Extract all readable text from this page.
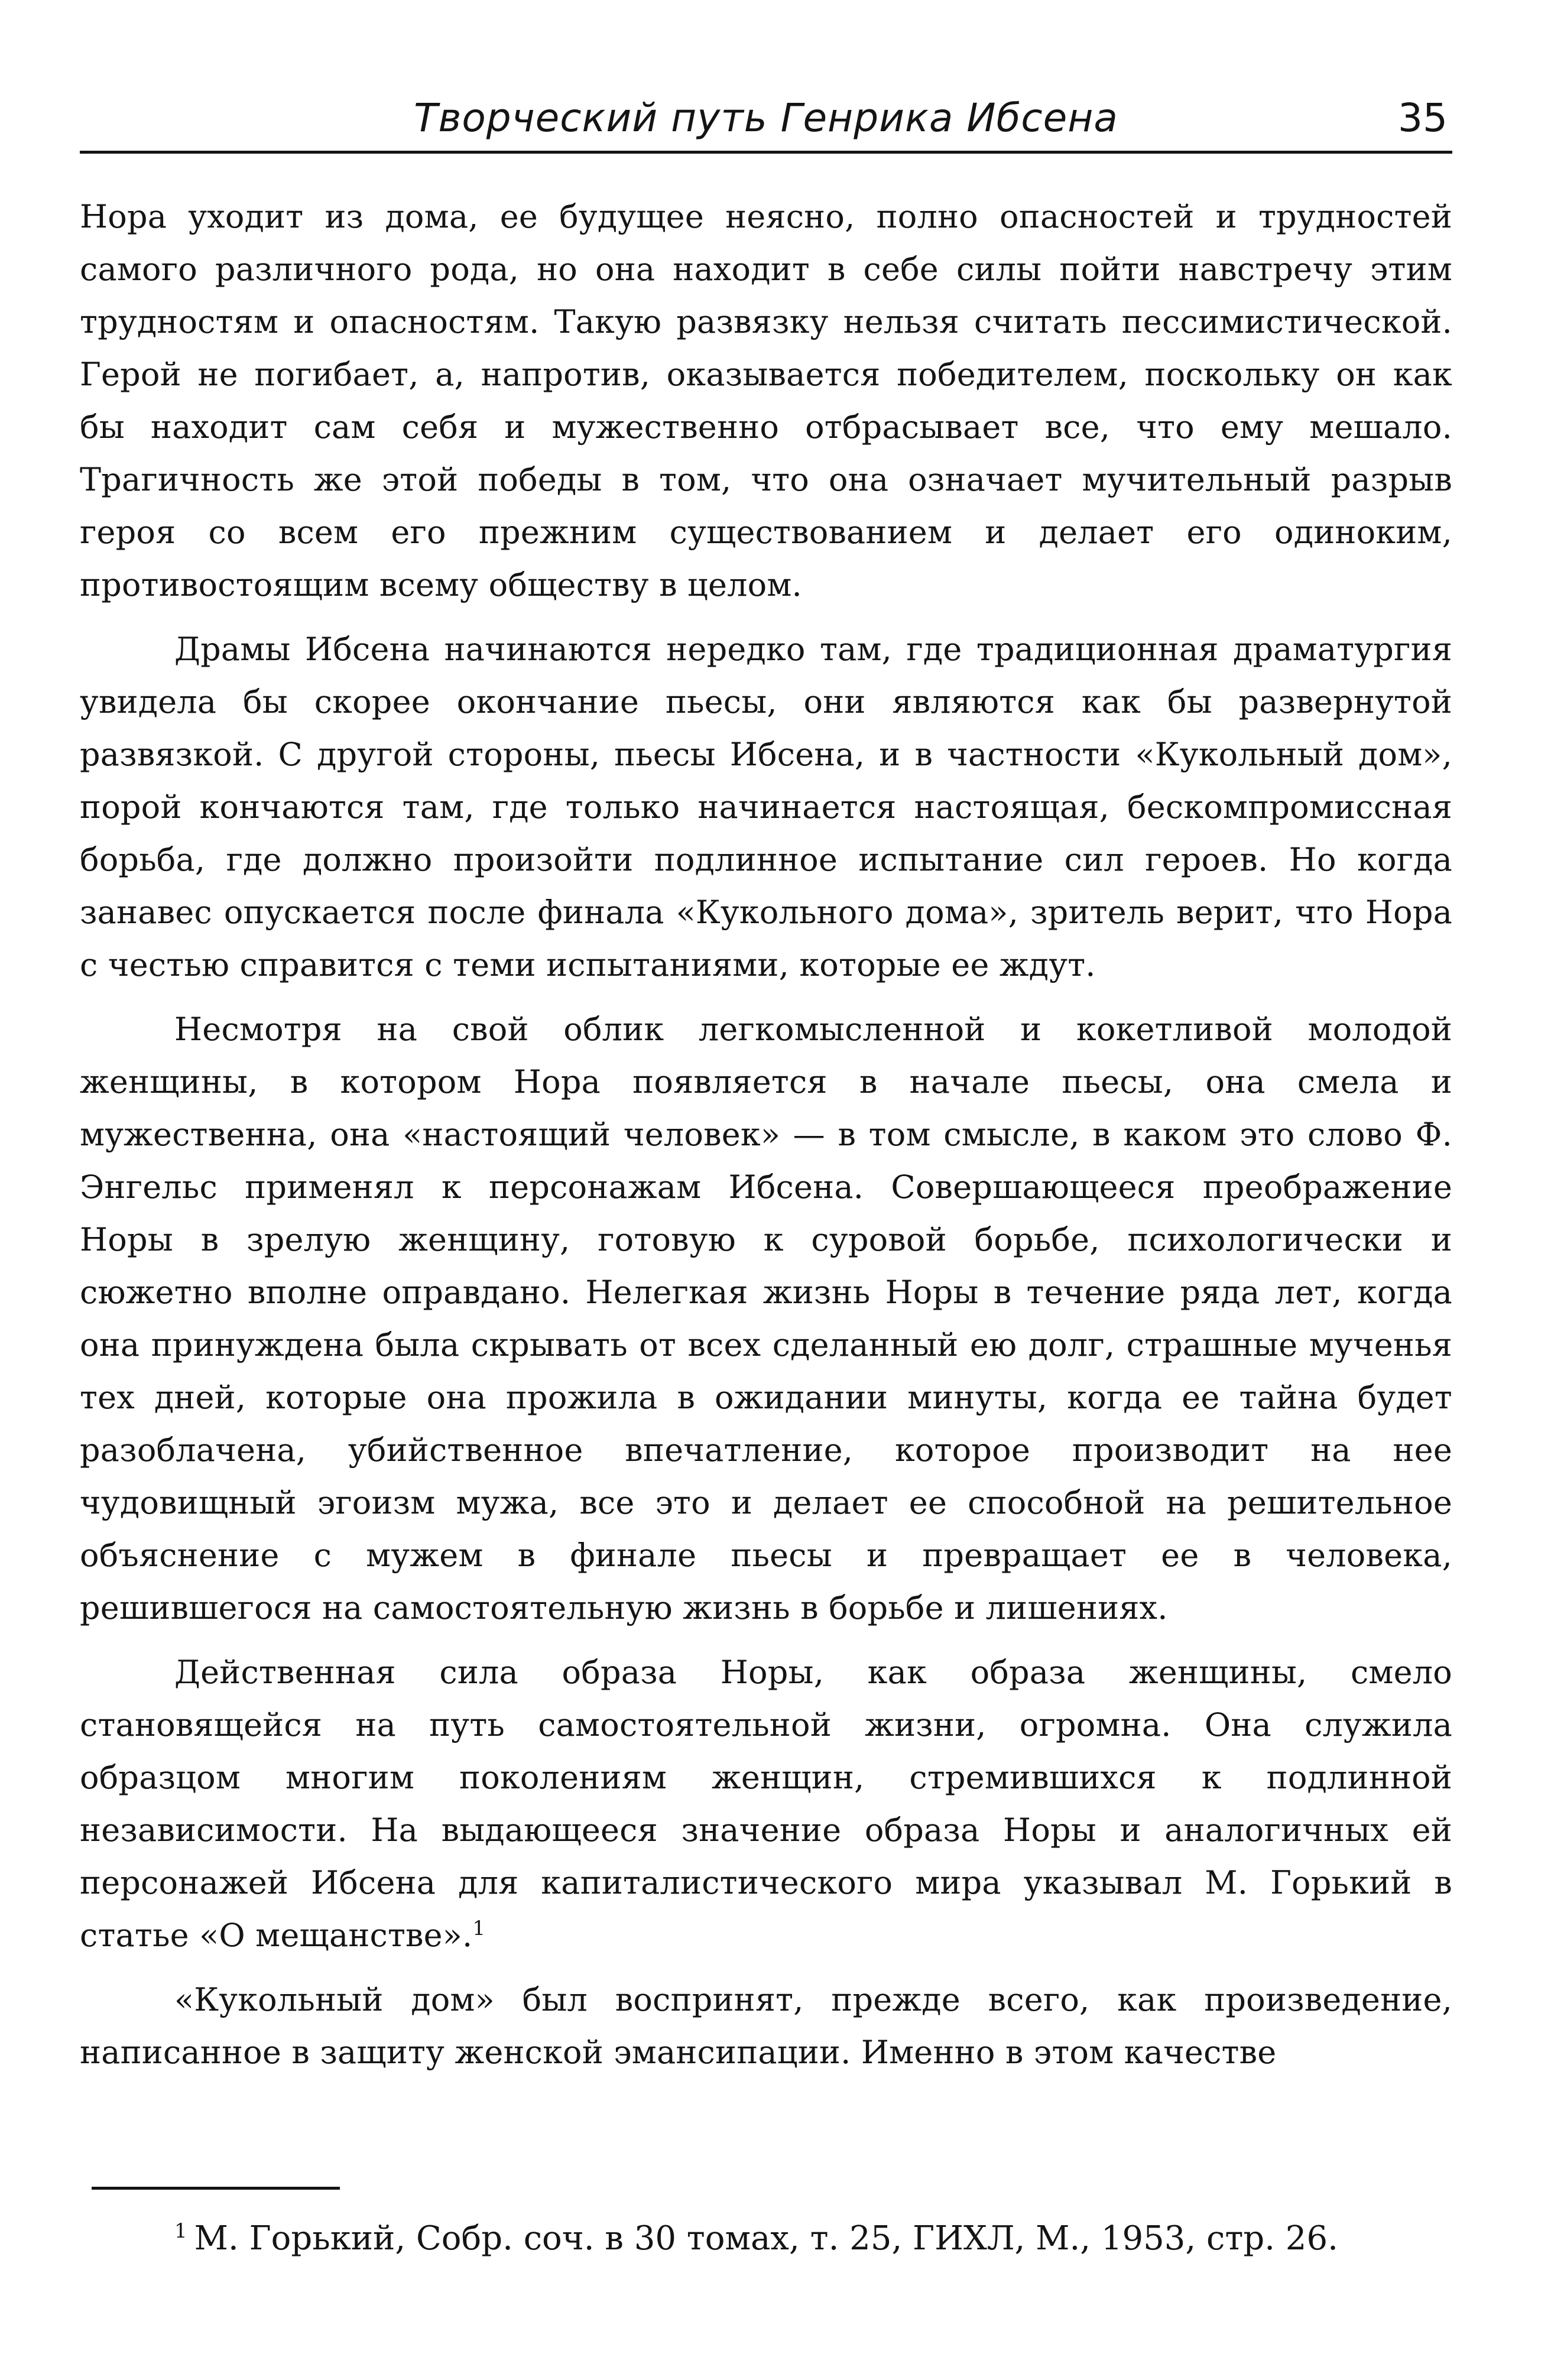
Творческий путь Генрика Ибсена	35

Нора уходит из дома, ее будущее неясно, полно опасностей и трудностей самого различного рода, но она находит в себе силы пойти навстречу этим трудностям и опасностям. Такую развязку нельзя считать пессимистической. Герой не погибает, а, напротив, оказывается победителем, поскольку он как бы находит сам себя и мужественно отбрасывает все, что ему мешало. Трагичность же этой победы в том, что она означает мучительный разрыв героя со всем его прежним существованием и делает его одиноким, противостоящим всему обществу в целом.

Драмы Ибсена начинаются нередко там, где традиционная драматургия увидела бы скорее окончание пьесы, они являются как бы развернутой развязкой. С другой стороны, пьесы Ибсена, и в частности «Кукольный дом», порой кончаются там, где только начинается настоящая, бескомпромиссная борьба, где должно произойти подлинное испытание сил героев. Но когда занавес опускается после финала «Кукольного дома», зритель верит, что Нора с честью справится с теми испытаниями, которые ее ждут.

Несмотря на свой облик легкомысленной и кокетливой молодой женщины, в котором Нора появляется в начале пьесы, она смела и мужественна, она «настоящий человек» — в том смысле, в каком это слово Ф. Энгельс применял к персонажам Ибсена. Совершающееся преображение Норы в зрелую женщину, готовую к суровой борьбе, психологически и сюжетно вполне оправдано. Нелегкая жизнь Норы в течение ряда лет, когда она принуждена была скрывать от всех сделанный ею долг, страшные мученья тех дней, которые она прожила в ожидании минуты, когда ее тайна будет разоблачена, убийственное впечатление, которое производит на нее чудовищный эгоизм мужа, все это и делает ее способной на решительное объяснение с мужем в финале пьесы и превращает ее в человека, решившегося на самостоятельную жизнь в борьбе и лишениях.

Действенная сила образа Норы, как образа женщины, смело становящейся на путь самостоятельной жизни, огромна. Она служила образцом многим поколениям женщин, стремившихся к подлинной независимости. На выдающееся значение образа Норы и аналогичных ей персонажей Ибсена для капиталистического мира указывал М. Горький в статье «О мещанстве».$^1$

«Кукольный дом» был воспринят, прежде всего, как произведение, написанное в защиту женской эмансипации. Именно в этом качестве

$^1$ М. Горький, Собр. соч. в 30 томах, т. 25, ГИХЛ, М., 1953, стр. 26.
